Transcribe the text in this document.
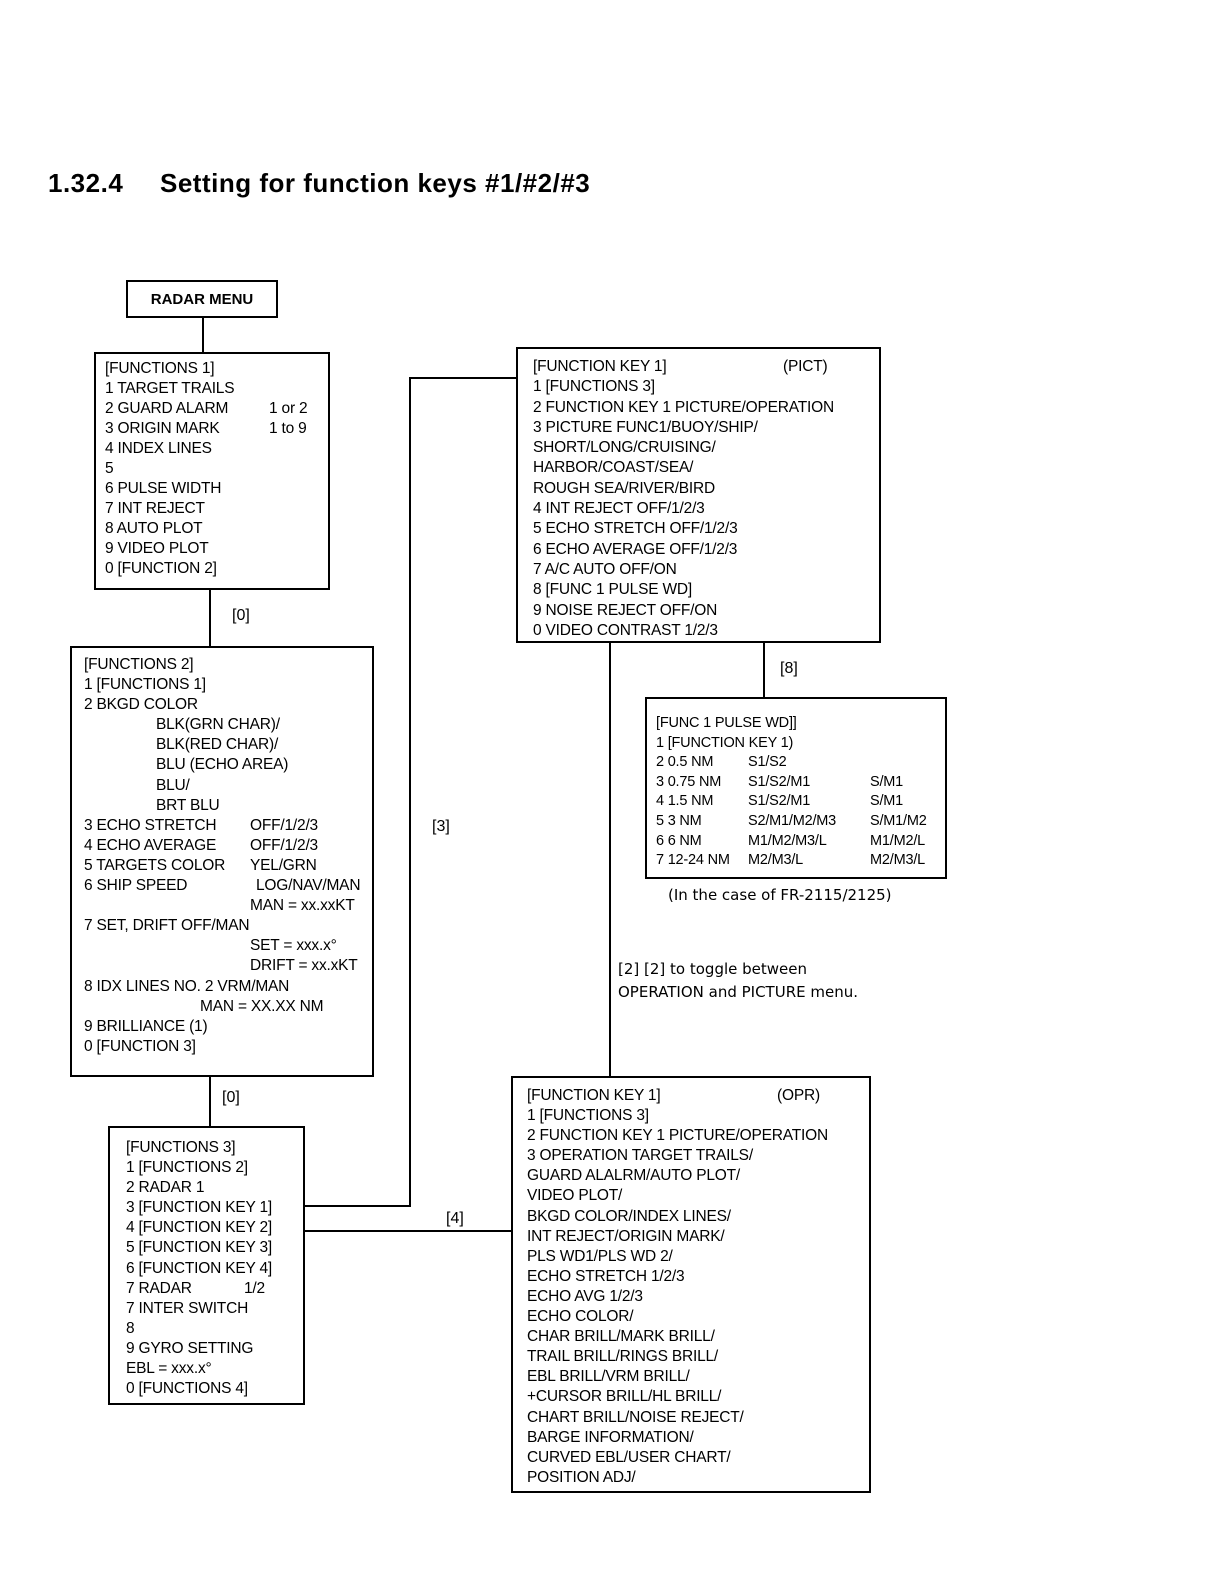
1.32.4 Setting for function keys #1/#2/#3
[0]
[0]
[3]
[4]
[8]
[2] [2] to toggle between
OPERATION and PICTURE menu.
RADAR MENU
[FUNCTIONS 1]
1 TARGET TRAILS
2 GUARD ALARM	1 or 2
3 ORIGIN MARK	1 to 9
4 INDEX LINES
5
6 PULSE WIDTH
7 INT REJECT
8 AUTO PLOT
9 VIDEO PLOT
0 [FUNCTION 2]
[FUNCTIONS 2]
1 [FUNCTIONS 1]
2 BKGD COLOR
BLK(GRN CHAR)/
BLK(RED CHAR)/
BLU (ECHO AREA)
BLU/
BRT BLU
3 ECHO STRETCH OFF/1/2/3
4 ECHO AVERAGE OFF/1/2/3
5 TARGETS COLOR YEL/GRN
6 SHIP SPEED	LOG/NAV/MAN
MAN = xx.xxKT
7 SET, DRIFT OFF/MAN
SET = xxx.x°
DRIFT = xx.xKT
8 IDX LINES NO. 2 VRM/MAN
MAN = XX.XX NM
9 BRILLIANCE (1)
0 [FUNCTION 3]
[FUNCTIONS 3]
1 [FUNCTIONS 2]
2 RADAR 1
3 [FUNCTION KEY 1]
4 [FUNCTION KEY 2]
5 [FUNCTION KEY 3]
6 [FUNCTION KEY 4]
7 RADAR	1/2
7 INTER SWITCH
8
9 GYRO SETTING
EBL = xxx.x°
0 [FUNCTIONS 4]
[FUNCTION KEY 1]	(PICT)
1 [FUNCTIONS 3]
2 FUNCTION KEY 1 PICTURE/OPERATION
3 PICTURE FUNC1/BUOY/SHIP/
SHORT/LONG/CRUISING/
HARBOR/COAST/SEA/
ROUGH SEA/RIVER/BIRD
4 INT REJECT OFF/1/2/3
5 ECHO STRETCH OFF/1/2/3
6 ECHO AVERAGE OFF/1/2/3
7 A/C AUTO OFF/ON
8 [FUNC 1 PULSE WD]
9 NOISE REJECT OFF/ON
0 VIDEO CONTRAST 1/2/3
[FUNC 1 PULSE WD]]
1 [FUNCTION KEY 1)
2 0.5 NM S1/S2
3 0.75 NM S1/S2/M1	S/M1
4 1.5 NM S1/S2/M1	S/M1
5 3 NM	S2/M1/M2/M3 S/M1/M2
6 6 NM	M1/M2/M3/L	M1/M2/L
7 12-24 NM M2/M3/L	M2/M3/L
(In the case of FR-2115/2125)
[FUNCTION KEY 1]	(OPR)
1 [FUNCTIONS 3]
2 FUNCTION KEY 1 PICTURE/OPERATION
3 OPERATION TARGET TRAILS/
GUARD ALALRM/AUTO PLOT/
VIDEO PLOT/
BKGD COLOR/INDEX LINES/
INT REJECT/ORIGIN MARK/
PLS WD1/PLS WD 2/
ECHO STRETCH 1/2/3
ECHO AVG 1/2/3
ECHO COLOR/
CHAR BRILL/MARK BRILL/
TRAIL BRILL/RINGS BRILL/
EBL BRILL/VRM BRILL/
+CURSOR BRILL/HL BRILL/
CHART BRILL/NOISE REJECT/
BARGE INFORMATION/
CURVED EBL/USER CHART/
POSITION ADJ/
